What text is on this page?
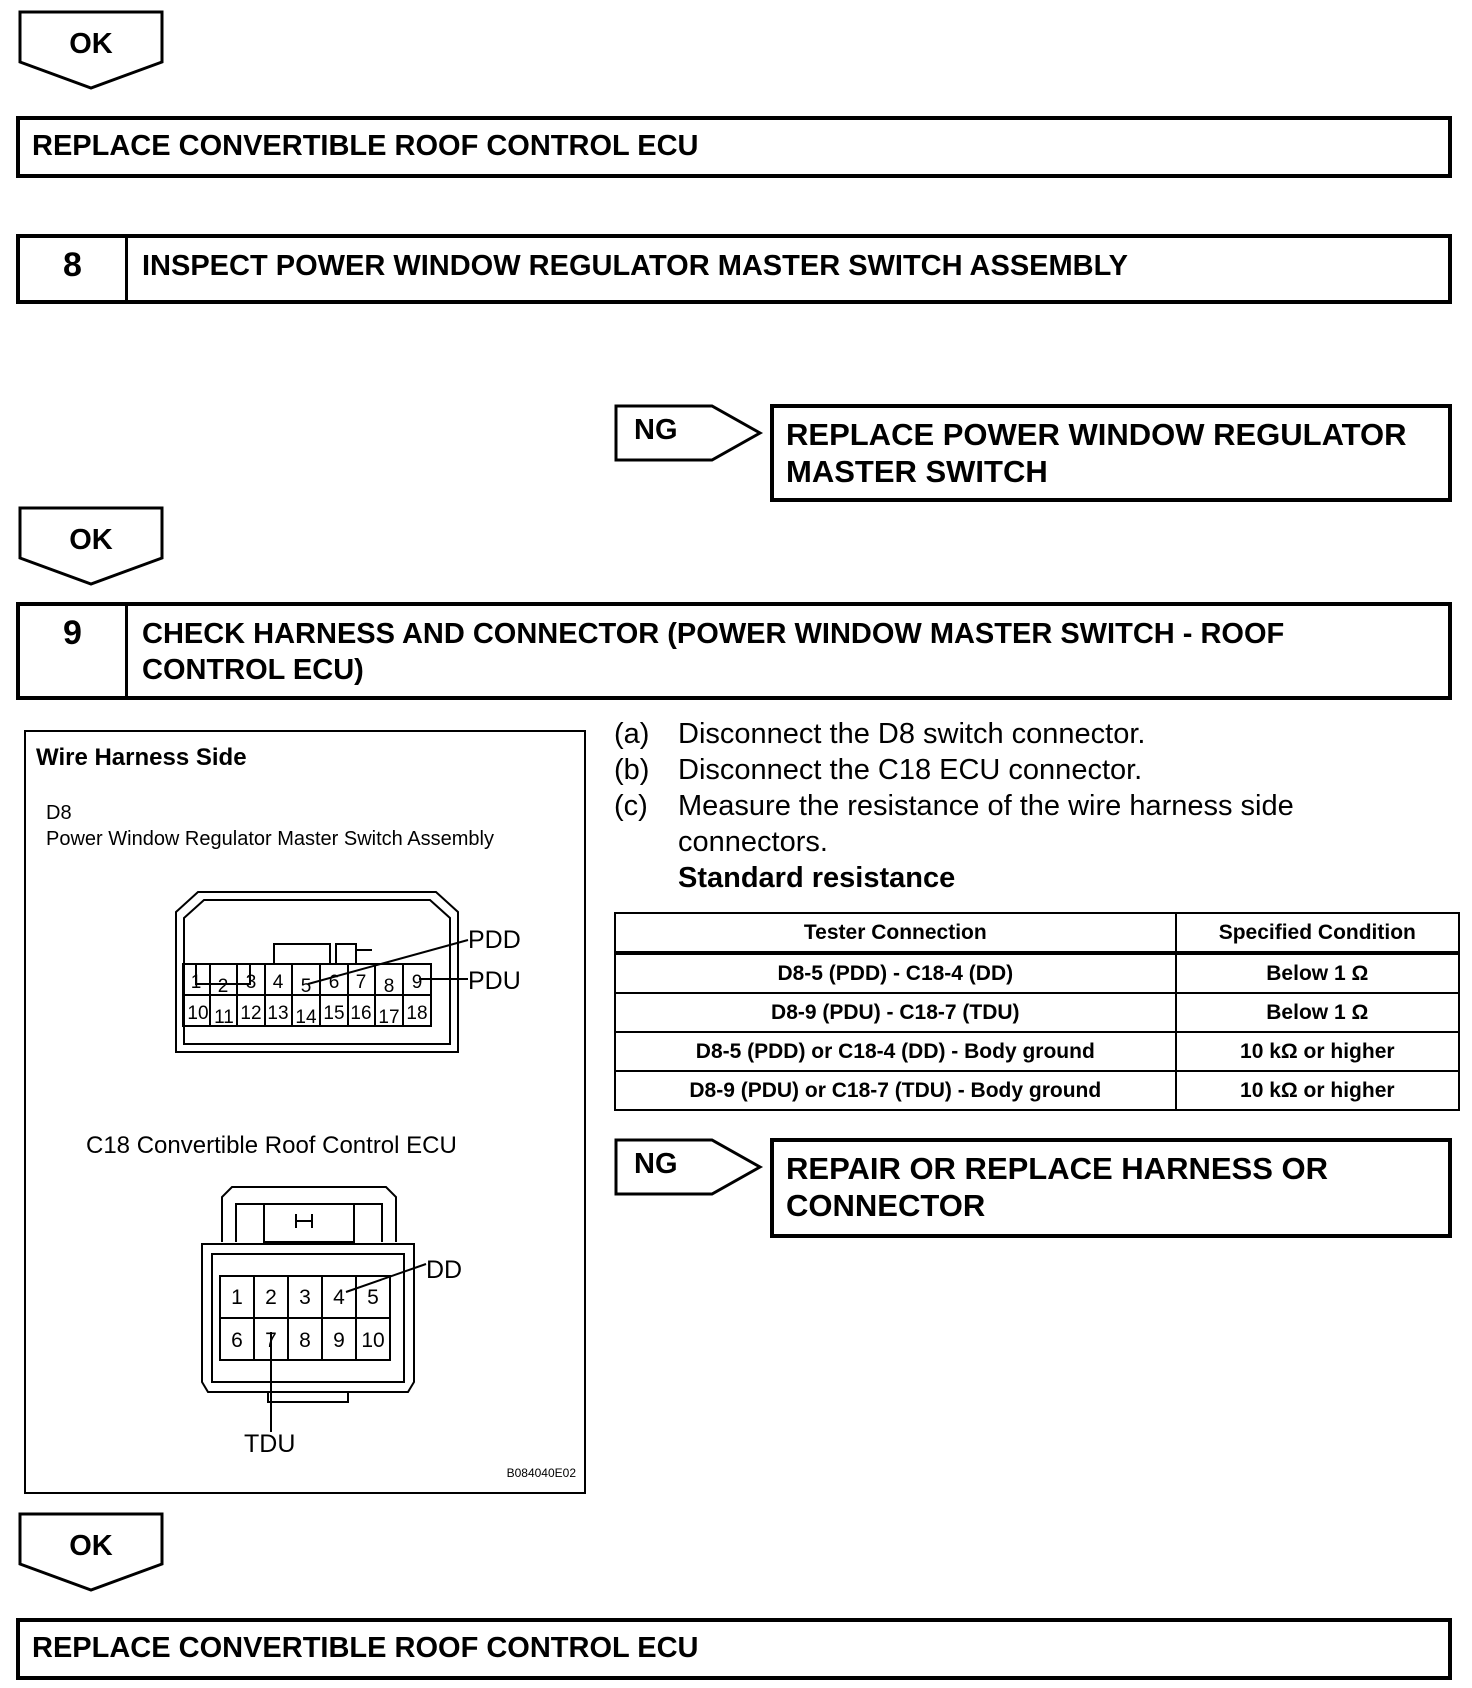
OK
REPLACE CONVERTIBLE ROOF CONTROL ECU
8	INSPECT POWER WINDOW REGULATOR MASTER SWITCH ASSEMBLY
NG	REPLACE POWER WINDOW REGULATOR MASTER SWITCH
OK
9	CHECK HARNESS AND CONNECTOR (POWER WINDOW MASTER SWITCH - ROOF CONTROL ECU)
Wire Harness Side
D8
Power Window Regulator Master Switch Assembly
1 2 3 4 5 6 7 8 9
10 11 12 13 14 15 16 17 18
PDD
PDU
1 2 3 4 5
6 7 8 9 10
DD
TDU
C18 Convertible Roof Control ECU
B084040E02
(a) Disconnect the D8 switch connector.
(b) Disconnect the C18 ECU connector.
(c) Measure the resistance of the wire harness side
connectors.
Standard resistance
Tester Connection	Specified Condition
D8-5 (PDD) - C18-4 (DD)	Below 1 Ω
D8-9 (PDU) - C18-7 (TDU)	Below 1 Ω
D8-5 (PDD) or C18-4 (DD) - Body ground	10 kΩ or higher
D8-9 (PDU) or C18-7 (TDU) - Body ground	10 kΩ or higher
NG	REPAIR OR REPLACE HARNESS OR CONNECTOR
OK
REPLACE CONVERTIBLE ROOF CONTROL ECU
